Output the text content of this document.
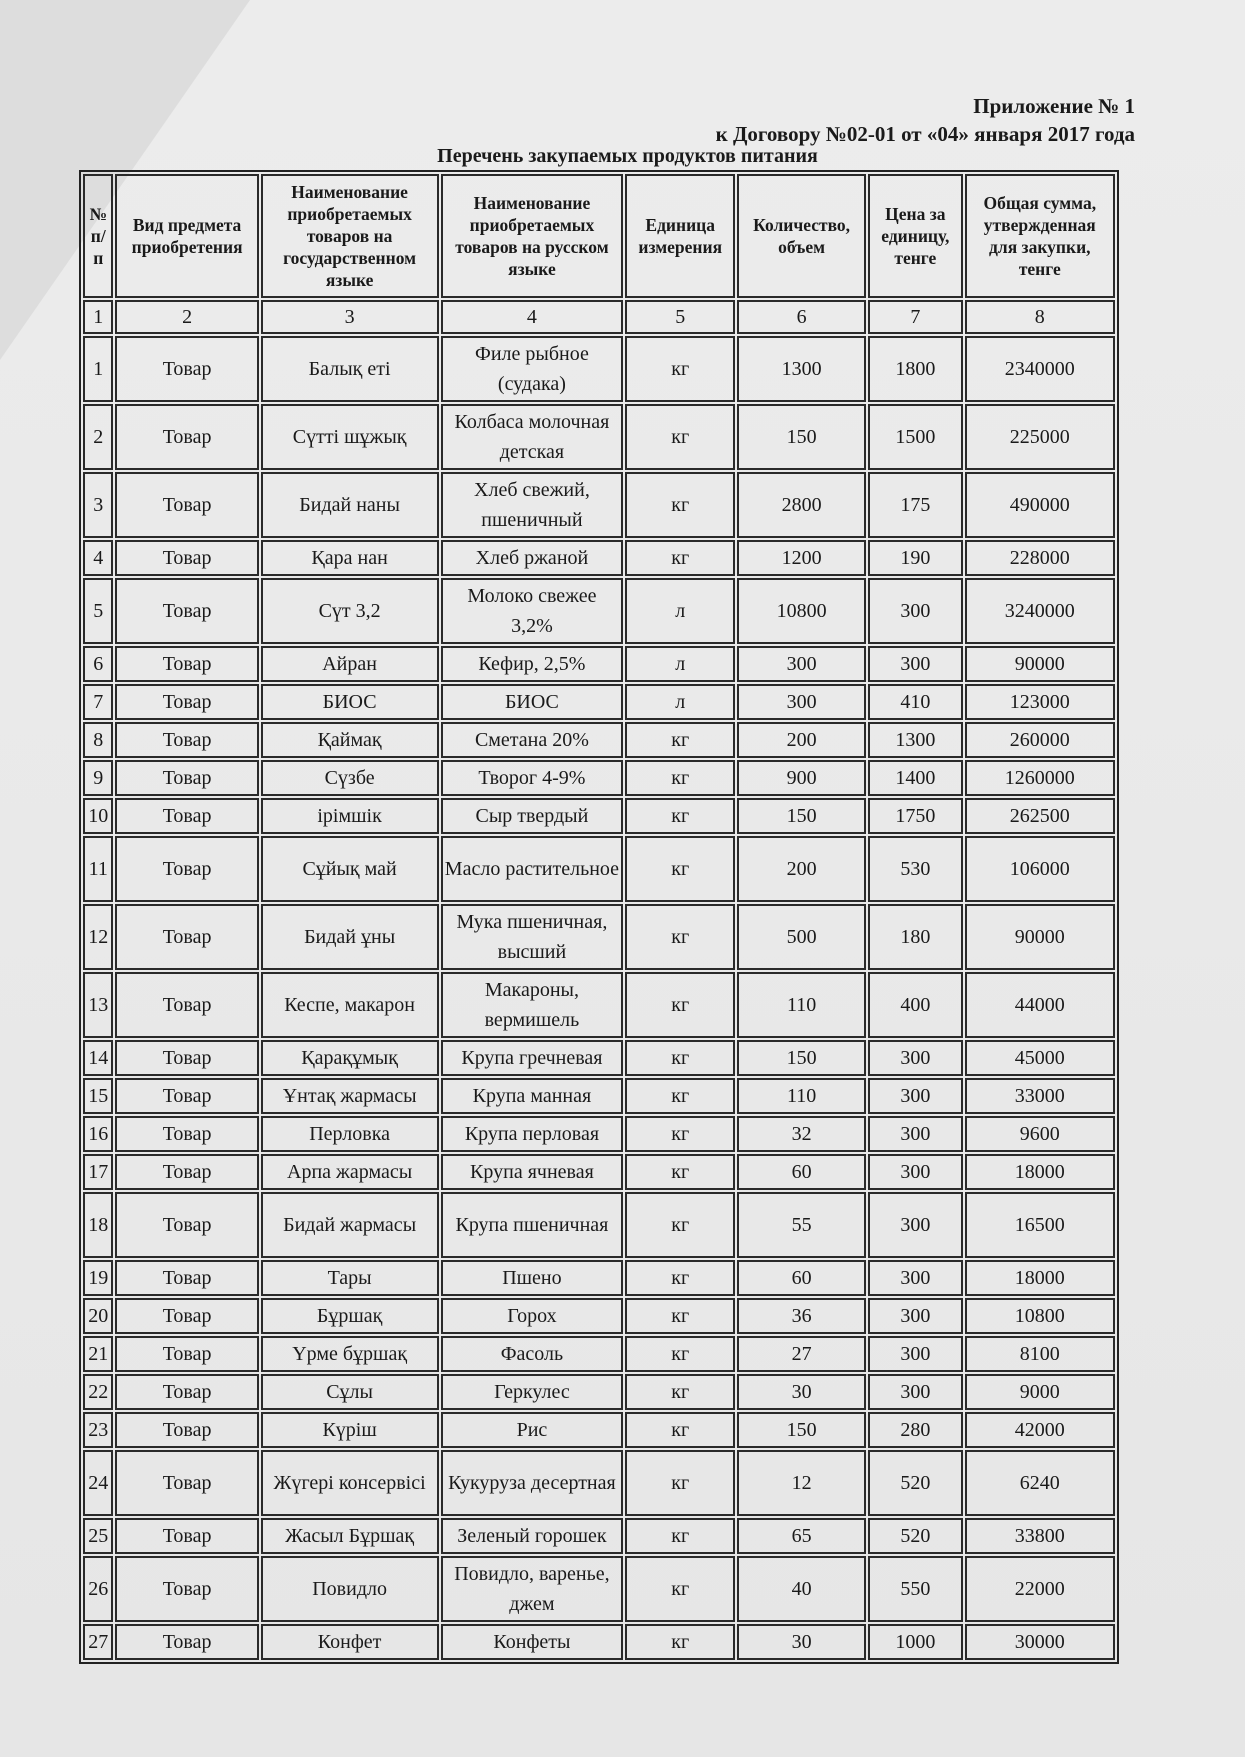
Приложение № 1
к Договору №02-01 от «04» января 2017 года
Перечень закупаемых продуктов питания
№ п/п	Вид предмета приобретения	Наименование приобретаемых товаров на государственном языке	Наименование приобретаемых товаров на русском языке	Единица измерения	Количество, объем	Цена за единицу, тенге	Общая сумма, утвержденная для закупки, тенге
1	2	3	4	5	6	7	8
1	Товар	Балық еті	Филе рыбное (судака)	кг	1300	1800	2340000
2	Товар	Сүтті шұжық	Колбаса молочная детская	кг	150	1500	225000
3	Товар	Бидай наны	Хлеб свежий, пшеничный	кг	2800	175	490000
4	Товар	Қара нан	Хлеб ржаной	кг	1200	190	228000
5	Товар	Сүт 3,2	Молоко свежее 3,2%	л	10800	300	3240000
6	Товар	Айран	Кефир, 2,5%	л	300	300	90000
7	Товар	БИОС	БИОС	л	300	410	123000
8	Товар	Қаймақ	Сметана 20%	кг	200	1300	260000
9	Товар	Сүзбе	Творог 4-9%	кг	900	1400	1260000
10	Товар	ірімшік	Сыр твердый	кг	150	1750	262500
11	Товар	Сұйық май	Масло растительное	кг	200	530	106000
12	Товар	Бидай ұны	Мука пшеничная, высший	кг	500	180	90000
13	Товар	Кеспе, макарон	Макароны, вермишель	кг	110	400	44000
14	Товар	Қарақұмық	Крупа гречневая	кг	150	300	45000
15	Товар	Ұнтақ жармасы	Крупа манная	кг	110	300	33000
16	Товар	Перловка	Крупа перловая	кг	32	300	9600
17	Товар	Арпа жармасы	Крупа ячневая	кг	60	300	18000
18	Товар	Бидай жармасы	Крупа пшеничная	кг	55	300	16500
19	Товар	Тары	Пшено	кг	60	300	18000
20	Товар	Бұршақ	Горох	кг	36	300	10800
21	Товар	Үрме бұршақ	Фасоль	кг	27	300	8100
22	Товар	Сұлы	Геркулес	кг	30	300	9000
23	Товар	Күріш	Рис	кг	150	280	42000
24	Товар	Жүгері консервісі	Кукуруза десертная	кг	12	520	6240
25	Товар	Жасыл Бұршақ	Зеленый горошек	кг	65	520	33800
26	Товар	Повидло	Повидло, варенье, джем	кг	40	550	22000
27	Товар	Конфет	Конфеты	кг	30	1000	30000
